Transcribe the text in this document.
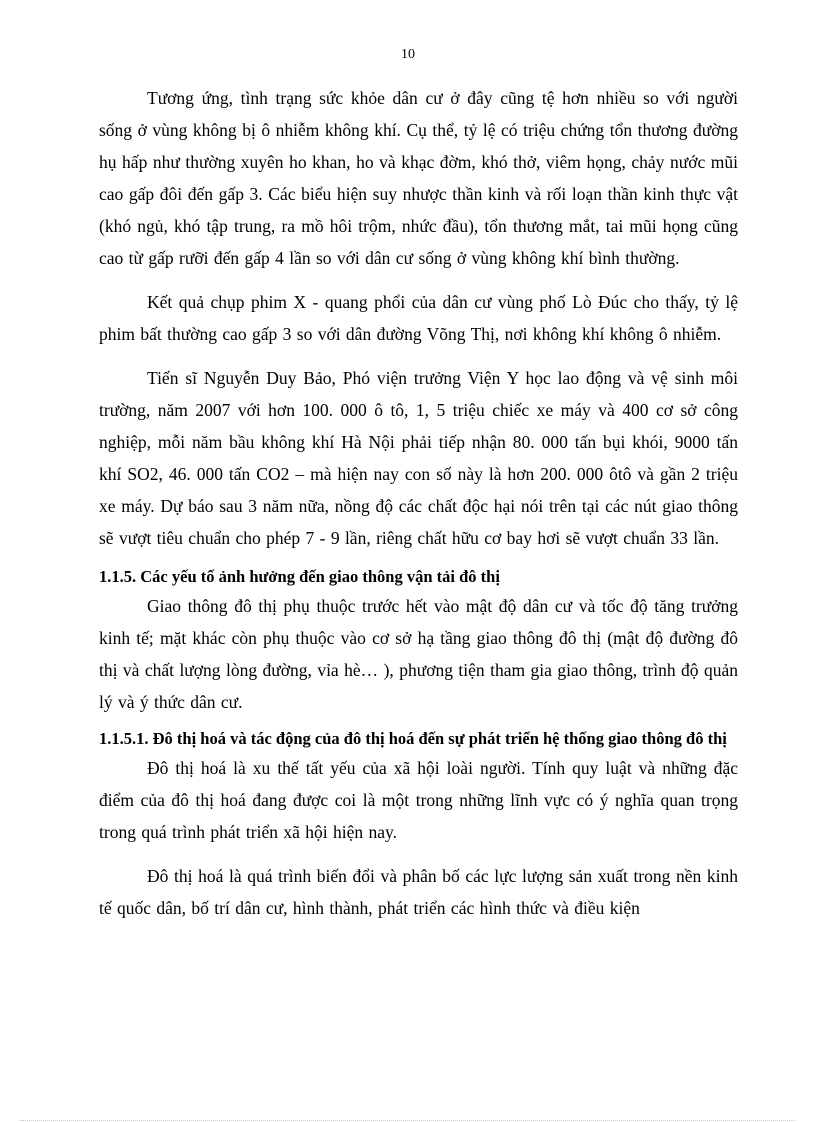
10

Tương ứng, tình trạng sức khỏe dân cư ở đây cũng tệ hơn nhiều so với người sống ở vùng không bị ô nhiễm không khí. Cụ thể, tỷ lệ có triệu chứng tổn thương đường hụ hấp như thường xuyên ho khan, ho và khạc đờm, khó thở, viêm họng, chảy nước mũi cao gấp đôi đến gấp 3. Các biểu hiện suy nhược thần kinh và rối loạn thần kinh thực vật (khó ngủ, khó tập trung, ra mồ hôi trộm, nhức đầu), tổn thương mắt, tai mũi họng cũng cao từ gấp rưỡi đến gấp 4 lần so với dân cư sống ở vùng không khí bình thường.

Kết quả chụp phim X - quang phổi của dân cư vùng phố Lò Đúc cho thấy, tỷ lệ phim bất thường cao gấp 3 so với dân đường Võng Thị, nơi không khí không ô nhiễm.

Tiến sĩ Nguyễn Duy Bảo, Phó viện trưởng Viện Y học lao động và vệ sinh môi trường, năm 2007 với hơn 100. 000 ô tô, 1, 5 triệu chiếc xe máy và 400 cơ sở công nghiệp, mỗi năm bầu không khí Hà Nội phải tiếp nhận 80. 000 tấn bụi khói, 9000 tấn khí SO2, 46. 000 tấn CO2 – mà hiện nay con số này là hơn 200. 000 ôtô và gần 2 triệu xe máy. Dự báo sau 3 năm nữa, nồng độ các chất độc hại nói trên tại các nút giao thông sẽ vượt tiêu chuẩn cho phép 7 - 9 lần, riêng chất hữu cơ bay hơi sẽ vượt chuẩn 33 lần.

1.1.5. Các yếu tố ảnh hưởng đến giao thông vận tải đô thị

Giao thông đô thị phụ thuộc trước hết vào mật độ dân cư và tốc độ tăng trưởng kinh tế; mặt khác còn phụ thuộc vào cơ sở hạ tầng giao thông đô thị (mật độ đường đô thị và chất lượng lòng đường, vỉa hè… ), phương tiện tham gia giao thông, trình độ quản lý và ý thức dân cư.

1.1.5.1. Đô thị hoá và tác động của đô thị hoá đến sự phát triển hệ thống giao thông đô thị

Đô thị hoá là xu thế tất yếu của xã hội loài người. Tính quy luật và những đặc điểm của đô thị hoá đang được coi là một trong những lĩnh vực có ý nghĩa quan trọng trong quá trình phát triển xã hội hiện nay.

Đô thị hoá là quá trình biến đổi và phân bố các lực lượng sản xuất trong nền kinh tế quốc dân, bố trí dân cư, hình thành, phát triển các hình thức và điều kiện
